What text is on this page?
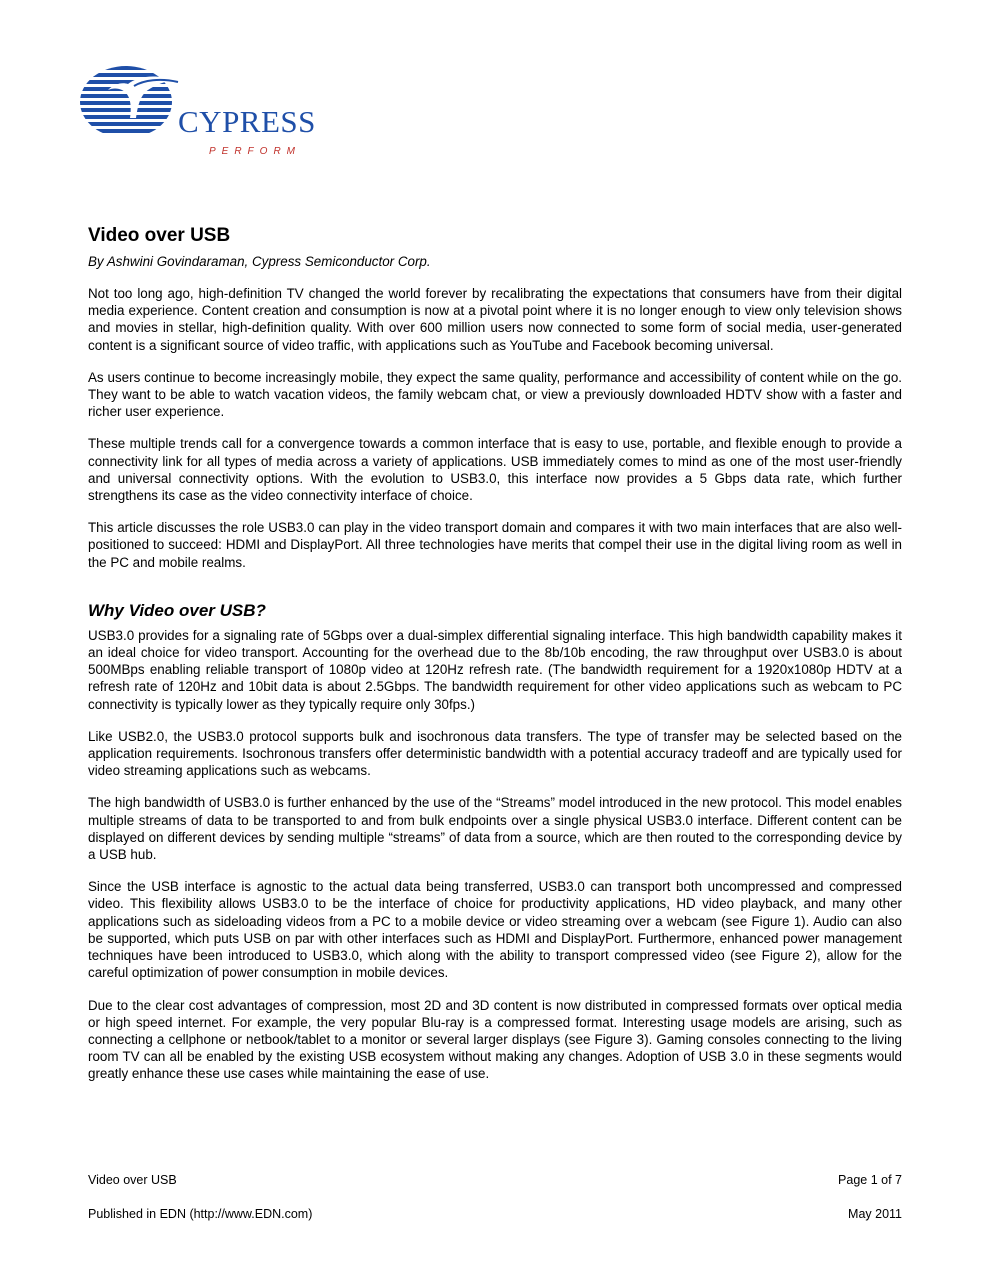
CYPRESS
PERFORM
Video over USB

By Ashwini Govindaraman, Cypress Semiconductor Corp.

Not too long ago, high-definition TV changed the world forever by recalibrating the expectations that consumers have from their digital media experience. Content creation and consumption is now at a pivotal point where it is no longer enough to view only television shows and movies in stellar, high-definition quality. With over 600 million users now connected to some form of social media, user-generated content is a significant source of video traffic, with applications such as YouTube and Facebook becoming universal.

As users continue to become increasingly mobile, they expect the same quality, performance and accessibility of content while on the go. They want to be able to watch vacation videos, the family webcam chat, or view a previously downloaded HDTV show with a faster and richer user experience.

These multiple trends call for a convergence towards a common interface that is easy to use, portable, and flexible enough to provide a connectivity link for all types of media across a variety of applications. USB immediately comes to mind as one of the most user-friendly and universal connectivity options. With the evolution to USB3.0, this interface now provides a 5 Gbps data rate, which further strengthens its case as the video connectivity interface of choice.

This article discusses the role USB3.0 can play in the video transport domain and compares it with two main interfaces that are also well-positioned to succeed: HDMI and DisplayPort. All three technologies have merits that compel their use in the digital living room as well in the PC and mobile realms.

Why Video over USB?

USB3.0 provides for a signaling rate of 5Gbps over a dual-simplex differential signaling interface. This high bandwidth capability makes it an ideal choice for video transport. Accounting for the overhead due to the 8b/10b encoding, the raw throughput over USB3.0 is about 500MBps enabling reliable transport of 1080p video at 120Hz refresh rate. (The bandwidth requirement for a 1920x1080p HDTV at a refresh rate of 120Hz and 10bit data is about 2.5Gbps. The bandwidth requirement for other video applications such as webcam to PC connectivity is typically lower as they typically require only 30fps.)

Like USB2.0, the USB3.0 protocol supports bulk and isochronous data transfers. The type of transfer may be selected based on the application requirements. Isochronous transfers offer deterministic bandwidth with a potential accuracy tradeoff and are typically used for video streaming applications such as webcams.

The high bandwidth of USB3.0 is further enhanced by the use of the “Streams” model introduced in the new protocol. This model enables multiple streams of data to be transported to and from bulk endpoints over a single physical USB3.0 interface. Different content can be displayed on different devices by sending multiple “streams” of data from a source, which are then routed to the corresponding device by a USB hub.

Since the USB interface is agnostic to the actual data being transferred, USB3.0 can transport both uncompressed and compressed video. This flexibility allows USB3.0 to be the interface of choice for productivity applications, HD video playback, and many other applications such as sideloading videos from a PC to a mobile device or video streaming over a webcam (see Figure 1). Audio can also be supported, which puts USB on par with other interfaces such as HDMI and DisplayPort. Furthermore, enhanced power management techniques have been introduced to USB3.0, which along with the ability to transport compressed video (see Figure 2), allow for the careful optimization of power consumption in mobile devices.

Due to the clear cost advantages of compression, most 2D and 3D content is now distributed in compressed formats over optical media or high speed internet. For example, the very popular Blu-ray is a compressed format. Interesting usage models are arising, such as connecting a cellphone or netbook/tablet to a monitor or several larger displays (see Figure 3). Gaming consoles connecting to the living room TV can all be enabled by the existing USB ecosystem without making any changes. Adoption of USB 3.0 in these segments would greatly enhance these use cases while maintaining the ease of use.

Video over USB	Page 1 of 7
Published in EDN (http://www.EDN.com)	May 2011
